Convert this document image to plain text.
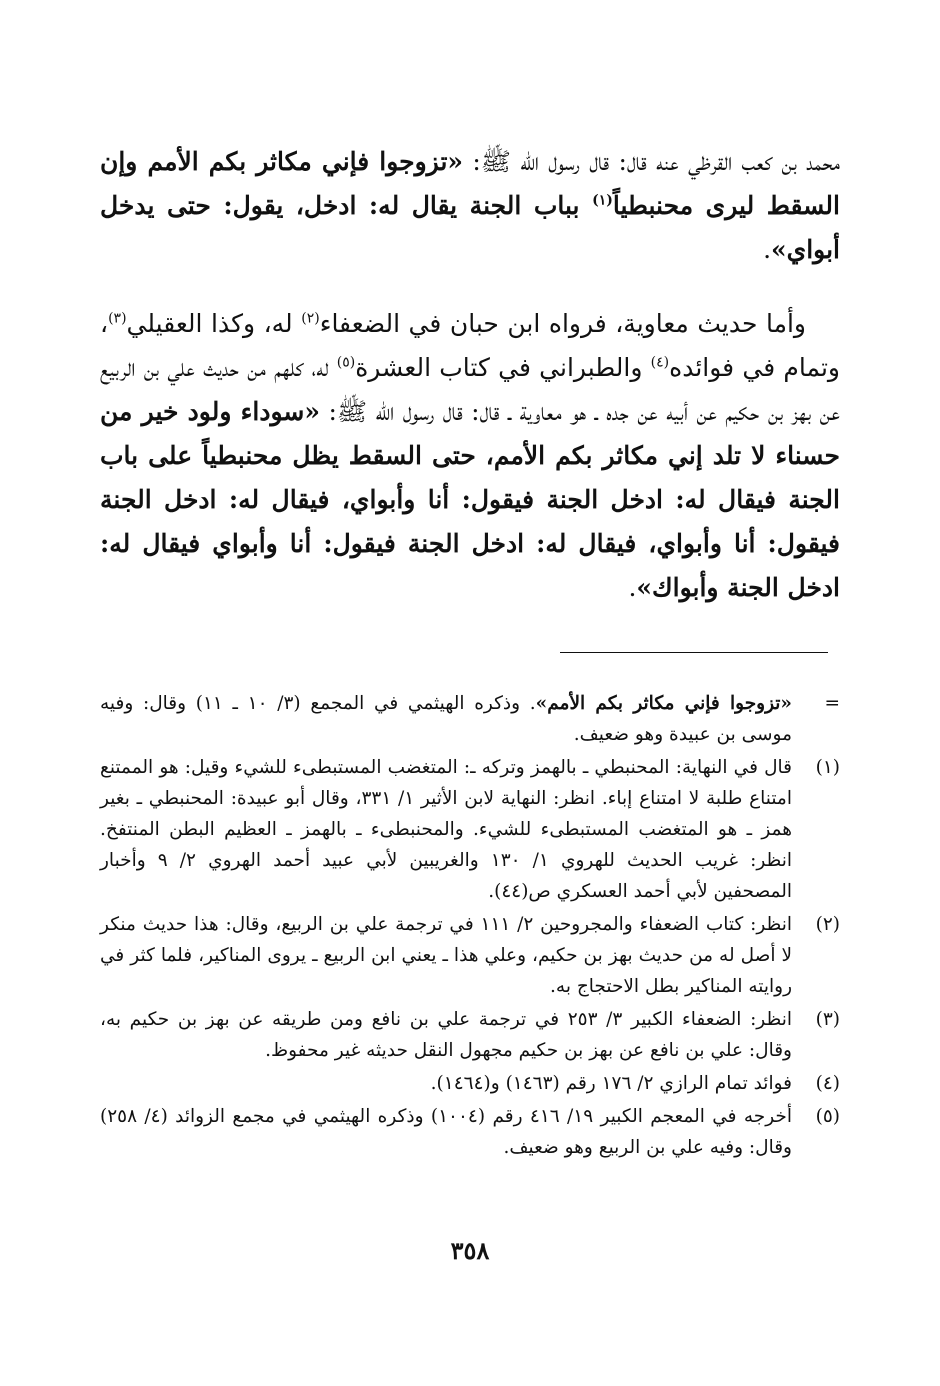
محمد بن كعب القرظي عنه قال: قال رسول الله ﷺ: «تزوجوا فإني مكاثر بكم الأمم وإن السقط ليرى محنبطياً$^{(١)}$ بباب الجنة يقال له: ادخل، يقول: حتى يدخل أبواي».

وأما حديث معاوية، فرواه ابن حبان في الضعفاء$^{(٢)}$ له، وكذا العقيلي$^{(٣)}$، وتمام في فوائده$^{(٤)}$ والطبراني في كتاب العشرة$^{(٥)}$ له، كلهم من حديث علي بن الربيع عن بهز بن حكيم عن أبيه عن جده ـ هو معاوية ـ قال: قال رسول الله ﷺ: «سوداء ولود خير من حسناء لا تلد إني مكاثر بكم الأمم، حتى السقط يظل محنبطياً على باب الجنة فيقال له: ادخل الجنة فيقول: أنا وأبواي، فيقال له: ادخل الجنة فيقول: أنا وأبواي، فيقال له: ادخل الجنة فيقول: أنا وأبواي فيقال له: ادخل الجنة وأبواك».

=
«تزوجوا فإني مكاثر بكم الأمم». وذكره الهيثمي في المجمع (٣/ ١٠ ـ ١١) وقال: وفيه موسى بن عبيدة وهو ضعيف.
(١)
قال في النهاية: المحنبطي ـ بالهمز وتركه ـ: المتغضب المستبطىء للشيء وقيل: هو الممتنع امتناع طلبة لا امتناع إباء. انظر: النهاية لابن الأثير ١/ ٣٣١، وقال أبو عبيدة: المحنبطي ـ بغير همز ـ هو المتغضب المستبطىء للشيء. والمحنبطىء ـ بالهمز ـ العظيم البطن المنتفخ. انظر: غريب الحديث للهروي ١/ ١٣٠ والغريبين لأبي عبيد أحمد الهروي ٢/ ٩ وأخبار المصحفين لأبي أحمد العسكري ص(٤٤).
(٢)
انظر: كتاب الضعفاء والمجروحين ٢/ ١١١ في ترجمة علي بن الربيع، وقال: هذا حديث منكر لا أصل له من حديث بهز بن حكيم، وعلي هذا ـ يعني ابن الربيع ـ يروى المناكير، فلما كثر في روايته المناكير بطل الاحتجاج به.
(٣)
انظر: الضعفاء الكبير ٣/ ٢٥٣ في ترجمة علي بن نافع ومن طريقه عن بهز بن حكيم به، وقال: علي بن نافع عن بهز بن حكيم مجهول النقل حديثه غير محفوظ.
(٤)
فوائد تمام الرازي ٢/ ١٧٦ رقم (١٤٦٣) و(١٤٦٤).
(٥)
أخرجه في المعجم الكبير ١٩/ ٤١٦ رقم (١٠٠٤) وذكره الهيثمي في مجمع الزوائد (٤/ ٢٥٨) وقال: وفيه علي بن الربيع وهو ضعيف.
٣٥٨
